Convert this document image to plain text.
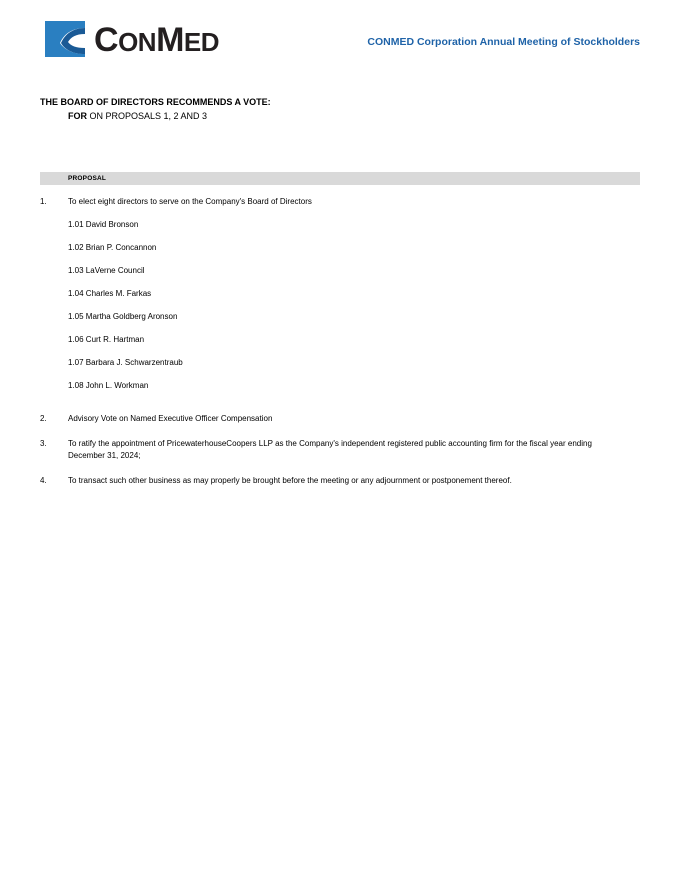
CONMED	CONMED Corporation Annual Meeting of Stockholders
THE BOARD OF DIRECTORS RECOMMENDS A VOTE:
FOR ON PROPOSALS 1, 2 AND 3
PROPOSAL
1.	To elect eight directors to serve on the Company's Board of Directors
1.01 David Bronson
1.02 Brian P. Concannon
1.03 LaVerne Council
1.04 Charles M. Farkas
1.05 Martha Goldberg Aronson
1.06 Curt R. Hartman
1.07 Barbara J. Schwarzentraub
1.08 John L. Workman
2.	Advisory Vote on Named Executive Officer Compensation
3.	To ratify the appointment of PricewaterhouseCoopers LLP as the Company's independent registered public accounting firm for the fiscal year ending December 31, 2024;
4.	To transact such other business as may properly be brought before the meeting or any adjournment or postponement thereof.
